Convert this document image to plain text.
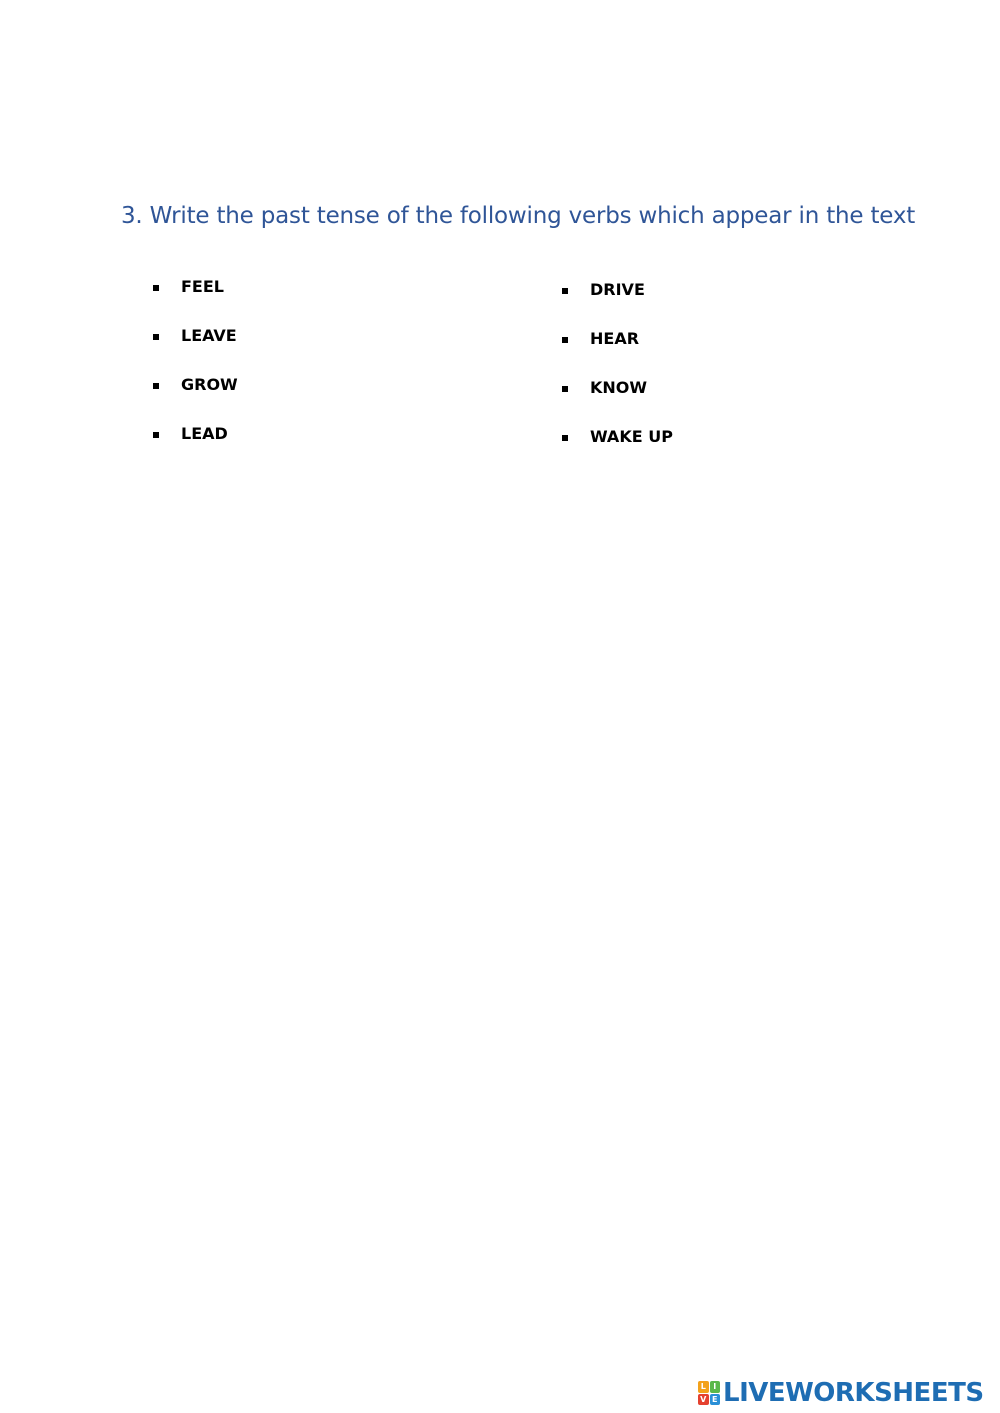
3. Write the past tense of the following verbs which appear in the text
FEEL
LEAVE
GROW
LEAD
DRIVE
HEAR
KNOW
WAKE UP
L I
V E LIVEWORKSHEETS
